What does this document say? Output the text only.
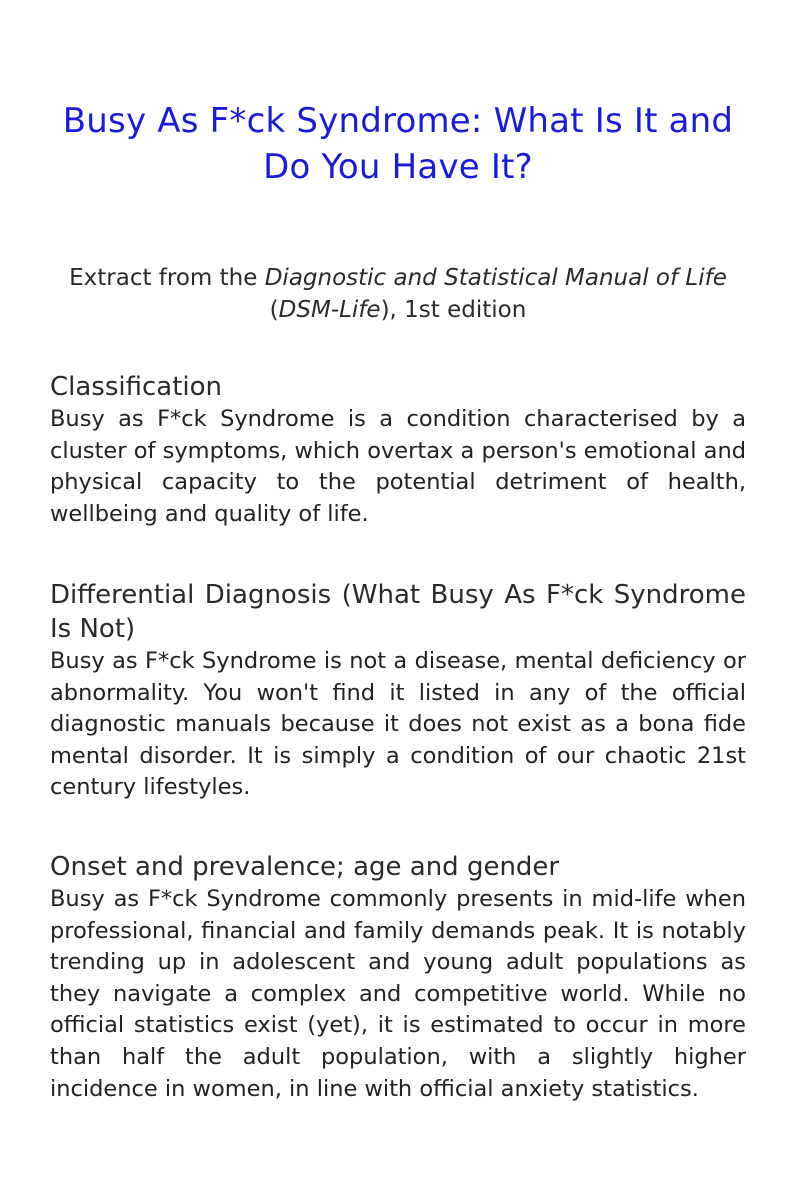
Busy As F*ck Syndrome: What Is It and Do You Have It?

Extract from the Diagnostic and Statistical Manual of Life (DSM-Life), 1st edition

Classification

Busy as F*ck Syndrome is a condition characterised by a cluster of symptoms, which overtax a person's emotional and physical capacity to the potential detriment of health, wellbeing and quality of life.

Differential Diagnosis (What Busy As F*ck Syndrome Is Not)

Busy as F*ck Syndrome is not a disease, mental deficiency or abnormality. You won't find it listed in any of the official diagnostic manuals because it does not exist as a bona fide mental disorder. It is simply a condition of our chaotic 21st century lifestyles.

Onset and prevalence; age and gender

Busy as F*ck Syndrome commonly presents in mid-life when professional, financial and family demands peak. It is notably trending up in adolescent and young adult populations as they navigate a complex and competitive world. While no official statistics exist (yet), it is estimated to occur in more than half the adult population, with a slightly higher incidence in women, in line with official anxiety statistics.
